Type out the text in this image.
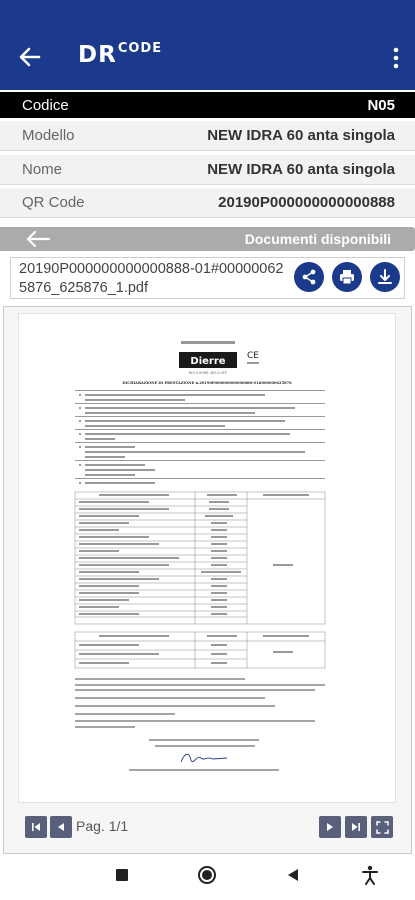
$DR^{CODE}$
Codice	N05
Modello	NEW IDRA 60 anta singola
Nome	NEW IDRA 60 anta singola
QR Code	20190P000000000000888
Documenti disponibili
20190P000000000000888-01#000000625876_625876_1.pdf
Dierre
NOI A HOME, NOI A UFF.
CE
DICHIARAZIONE DI PRESTAZIONE n.20190P000000000000888-01#000000625876
Pag. 1/1
